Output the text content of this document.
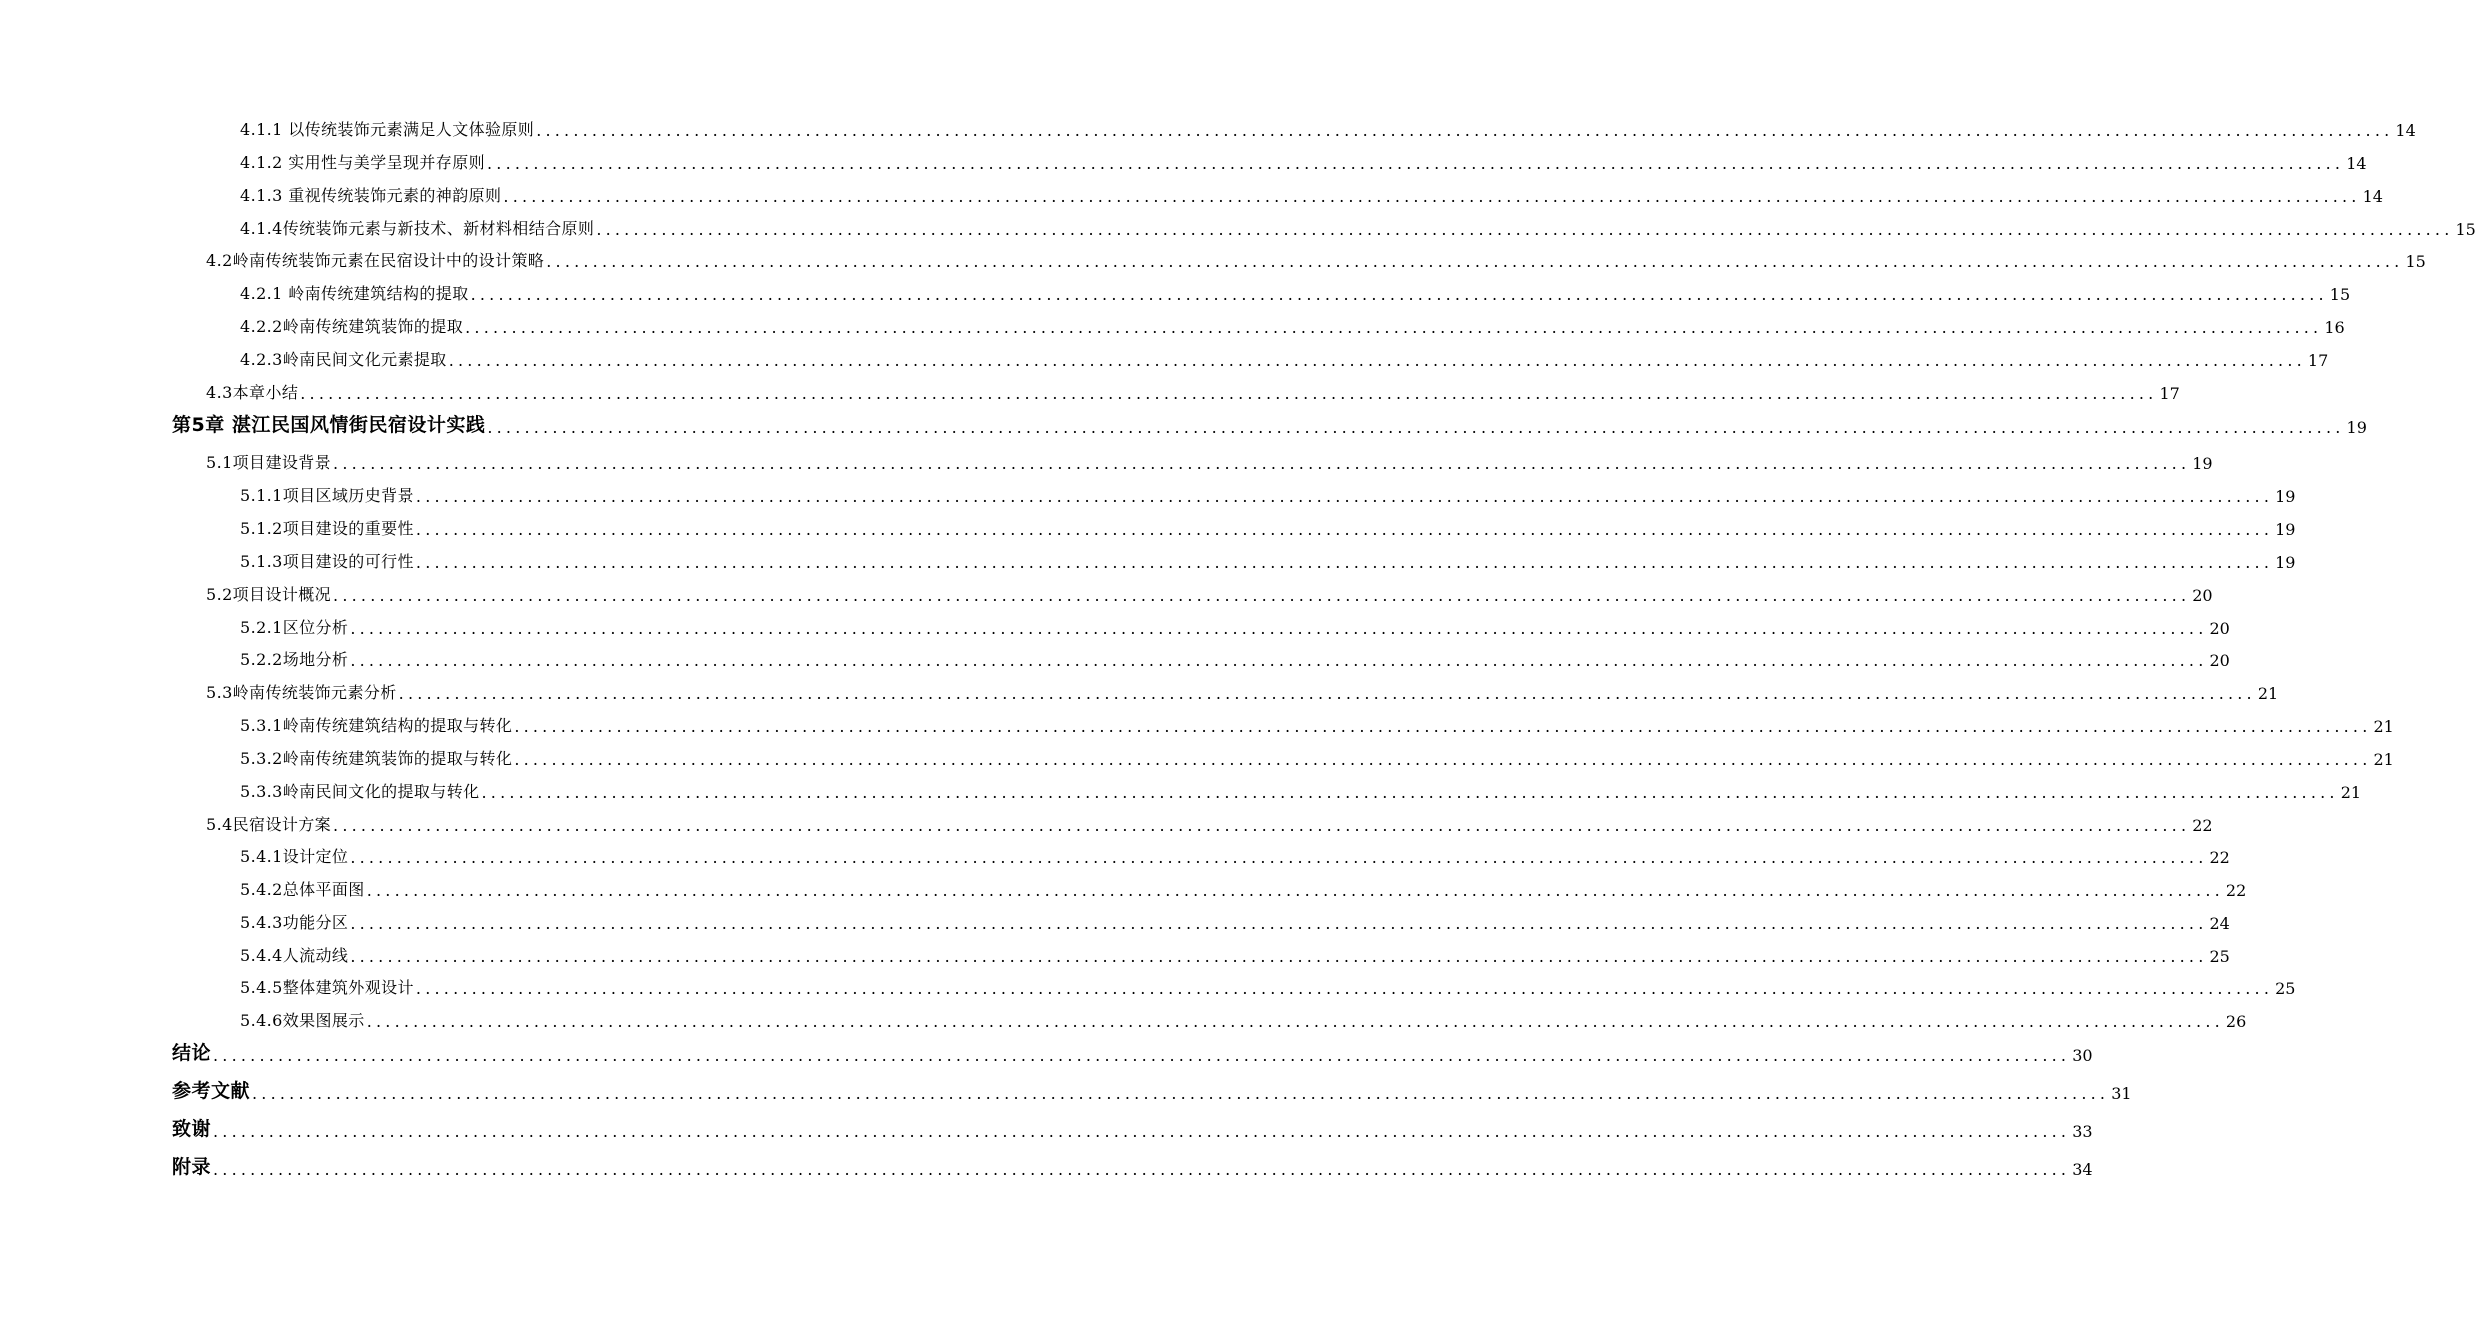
4.1.1 以传统装饰元素满足人文体验原则 ........................................................................................................................................................................................................ 14
4.1.2 实用性与美学呈现并存原则 ........................................................................................................................................................................................................ 14
4.1.3 重视传统装饰元素的神韵原则 ........................................................................................................................................................................................................ 14
4.1.4传统装饰元素与新技术、新材料相结合原则 ........................................................................................................................................................................................................ 15
4.2岭南传统装饰元素在民宿设计中的设计策略 ........................................................................................................................................................................................................ 15
4.2.1 岭南传统建筑结构的提取 ........................................................................................................................................................................................................ 15
4.2.2岭南传统建筑装饰的提取 ........................................................................................................................................................................................................ 16
4.2.3岭南民间文化元素提取 ........................................................................................................................................................................................................ 17
4.3本章小结 ........................................................................................................................................................................................................ 17
第5章 湛江民国风情街民宿设计实践 ........................................................................................................................................................................................................ 19
5.1项目建设背景 ........................................................................................................................................................................................................ 19
5.1.1项目区域历史背景 ........................................................................................................................................................................................................ 19
5.1.2项目建设的重要性 ........................................................................................................................................................................................................ 19
5.1.3项目建设的可行性 ........................................................................................................................................................................................................ 19
5.2项目设计概况 ........................................................................................................................................................................................................ 20
5.2.1区位分析 ........................................................................................................................................................................................................ 20
5.2.2场地分析 ........................................................................................................................................................................................................ 20
5.3岭南传统装饰元素分析 ........................................................................................................................................................................................................ 21
5.3.1岭南传统建筑结构的提取与转化 ........................................................................................................................................................................................................ 21
5.3.2岭南传统建筑装饰的提取与转化 ........................................................................................................................................................................................................ 21
5.3.3岭南民间文化的提取与转化 ........................................................................................................................................................................................................ 21
5.4民宿设计方案 ........................................................................................................................................................................................................ 22
5.4.1设计定位 ........................................................................................................................................................................................................ 22
5.4.2总体平面图 ........................................................................................................................................................................................................ 22
5.4.3功能分区 ........................................................................................................................................................................................................ 24
5.4.4人流动线 ........................................................................................................................................................................................................ 25
5.4.5整体建筑外观设计 ........................................................................................................................................................................................................ 25
5.4.6效果图展示 ........................................................................................................................................................................................................ 26
结论 ........................................................................................................................................................................................................ 30
参考文献 ........................................................................................................................................................................................................ 31
致谢 ........................................................................................................................................................................................................ 33
附录 ........................................................................................................................................................................................................ 34
